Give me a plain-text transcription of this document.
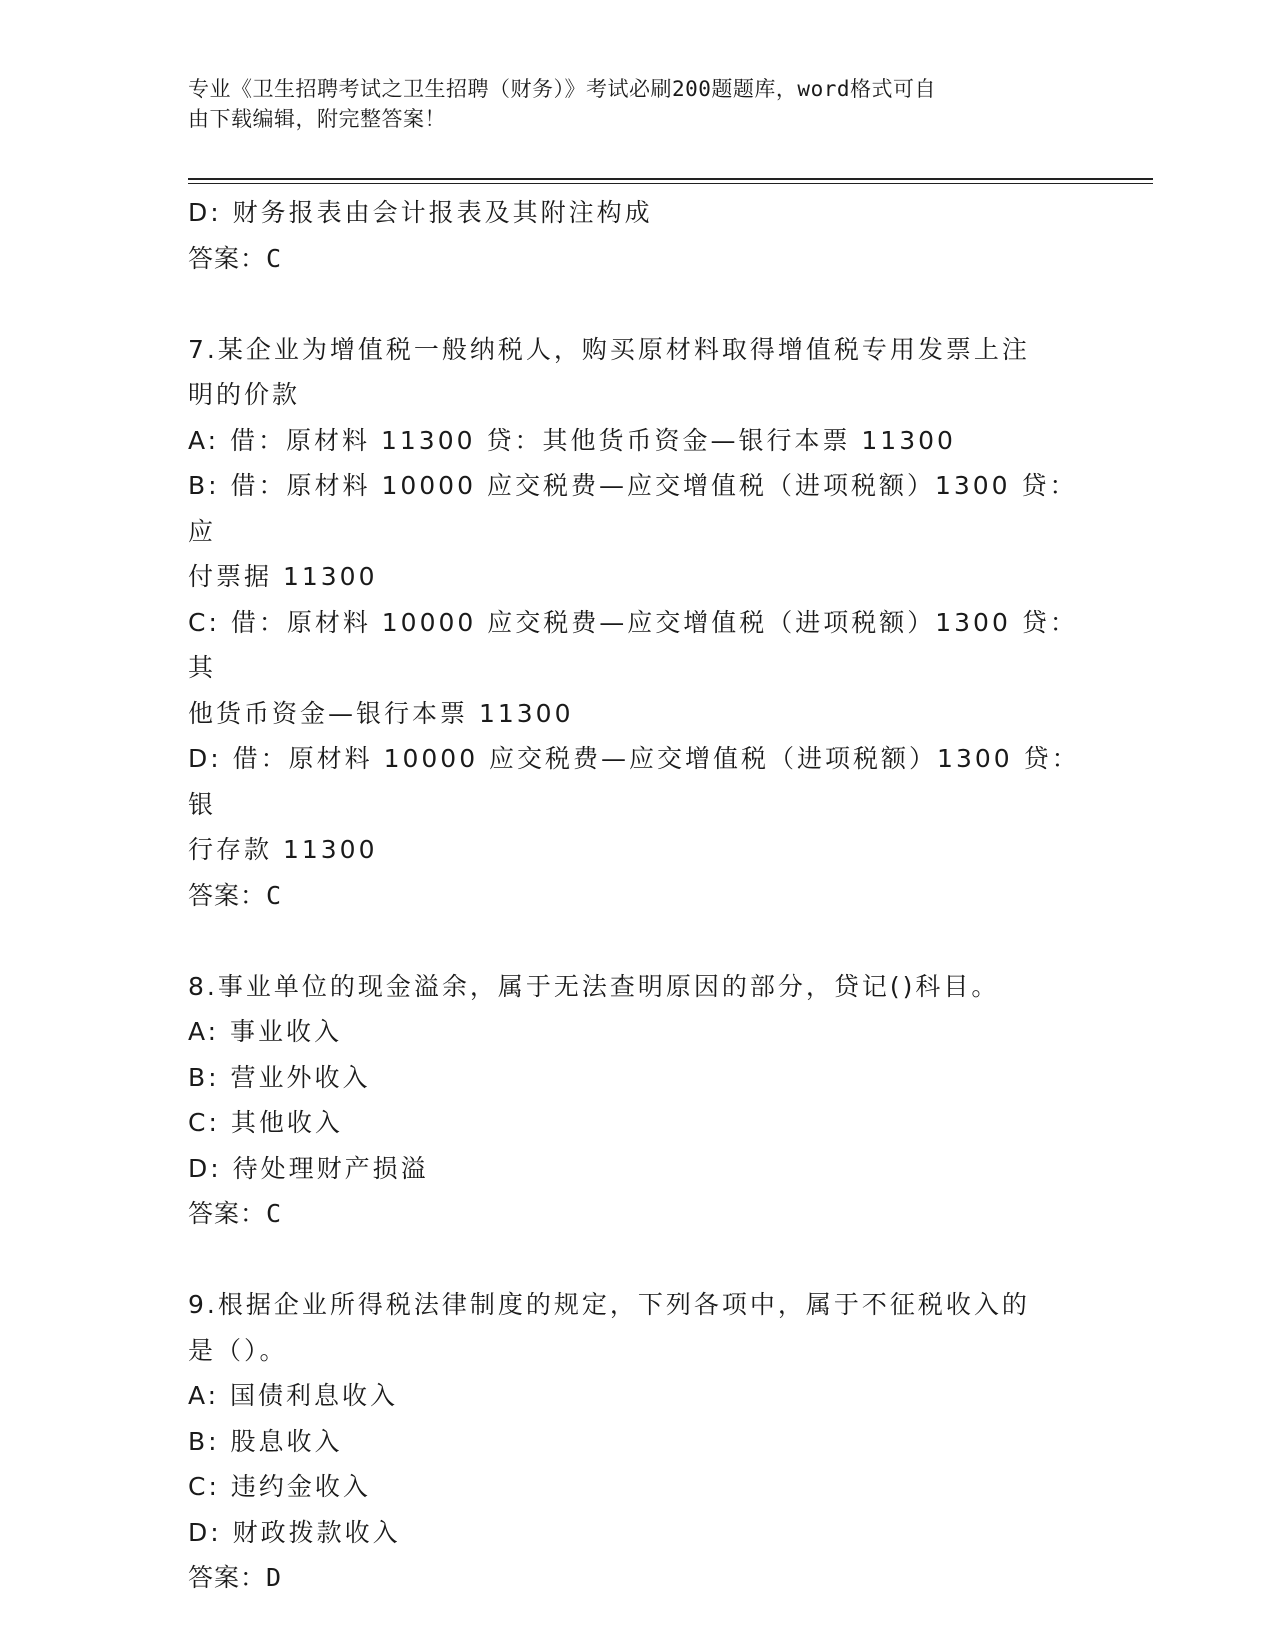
专业《卫生招聘考试之卫生招聘（财务）》考试必刷200题题库，word格式可自
由下载编辑，附完整答案！
D: 财务报表由会计报表及其附注构成
答案：C
7.某企业为增值税一般纳税人，购买原材料取得增值税专用发票上注
明的价款
A: 借：原材料 11300 贷：其他货币资金—银行本票 11300
B: 借：原材料 10000 应交税费—应交增值税（进项税额）1300 贷：应
付票据 11300
C: 借：原材料 10000 应交税费—应交增值税（进项税额）1300 贷：其
他货币资金—银行本票 11300
D: 借：原材料 10000 应交税费—应交增值税（进项税额）1300 贷：银
行存款 11300
答案：C
8.事业单位的现金溢余，属于无法查明原因的部分，贷记()科目。
A: 事业收入
B: 营业外收入
C: 其他收入
D: 待处理财产损溢
答案：C
9.根据企业所得税法律制度的规定，下列各项中，属于不征税收入的
是（）。
A: 国债利息收入
B: 股息收入
C: 违约金收入
D: 财政拨款收入
答案：D
